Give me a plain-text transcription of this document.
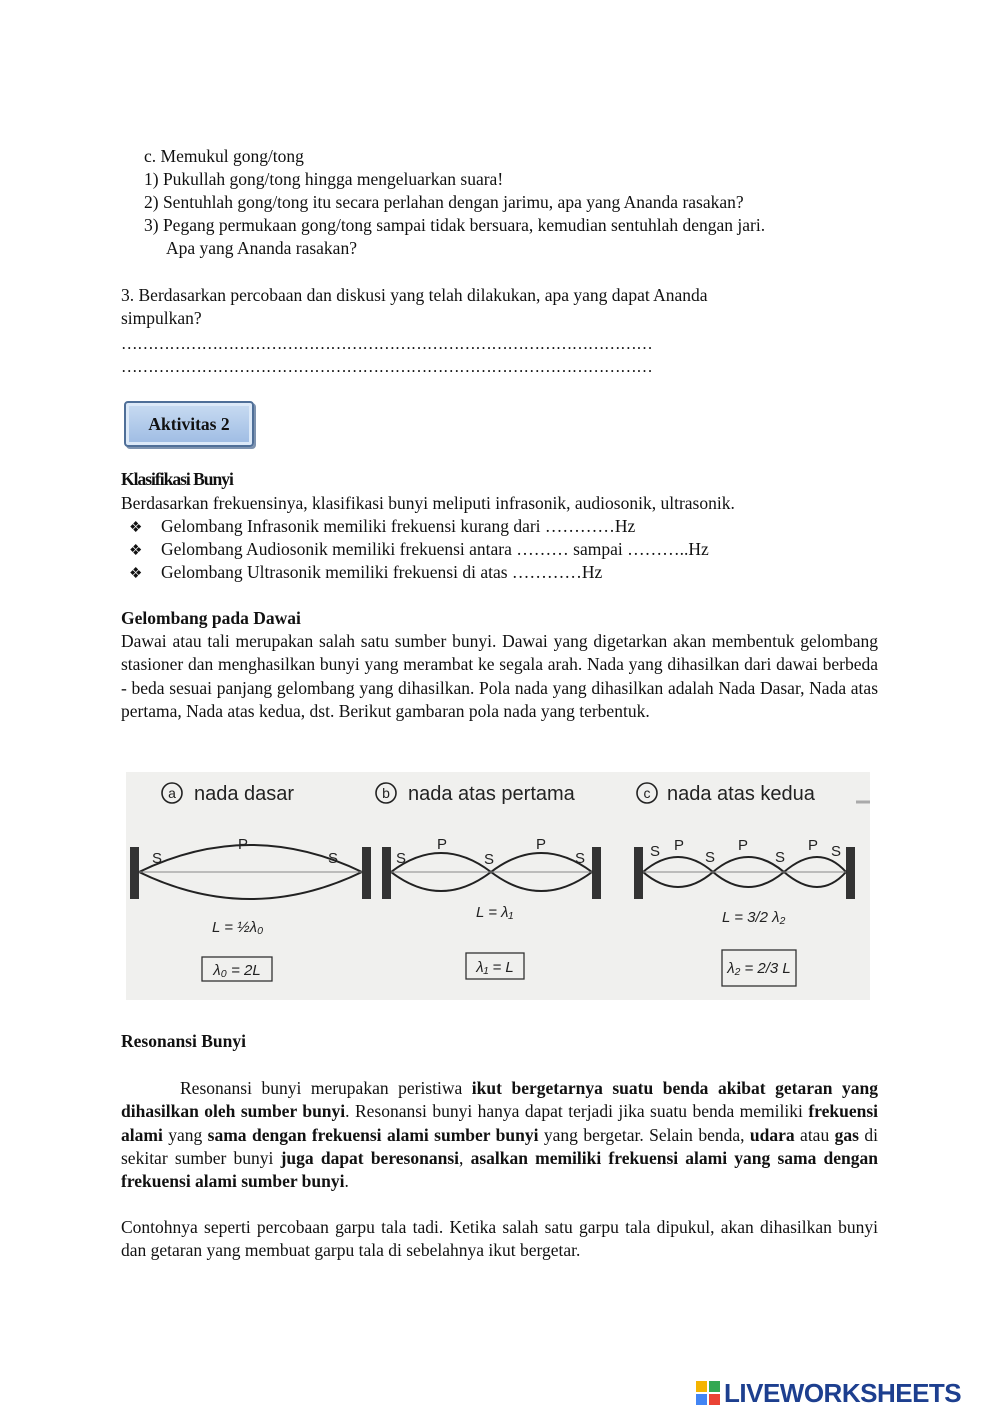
c. Memukul gong/tong
1) Pukullah gong/tong hingga mengeluarkan suara!
2) Sentuhlah gong/tong itu secara perlahan dengan jarimu, apa yang Ananda rasakan?
3) Pegang permukaan gong/tong sampai tidak bersuara, kemudian sentuhlah dengan jari.
Apa yang Ananda rasakan?
3. Berdasarkan percobaan dan diskusi yang telah dilakukan, apa yang dapat Ananda
simpulkan?
………………………………………………………………………………………
………………………………………………………………………………………
Aktivitas 2
Klasifikasi Bunyi
Berdasarkan frekuensinya, klasifikasi bunyi meliputi infrasonik, audiosonik, ultrasonik.
❖ Gelombang Infrasonik memiliki frekuensi kurang dari …………Hz
❖ Gelombang Audiosonik memiliki frekuensi antara ……… sampai ………..Hz
❖ Gelombang Ultrasonik memiliki frekuensi di atas …………Hz
Gelombang pada Dawai
Dawai atau tali merupakan salah satu sumber bunyi. Dawai yang digetarkan akan membentuk gelombang stasioner dan menghasilkan bunyi yang merambat ke segala arah. Nada yang dihasilkan dari dawai berbeda - beda sesuai panjang gelombang yang dihasilkan. Pola nada yang dihasilkan adalah Nada Dasar, Nada atas pertama, Nada atas kedua, dst. Berikut gambaran pola nada yang terbentuk.
a nada dasar
S
P
S
L = ½λ₀
λ₀ = 2L
b nada atas pertama
S
P
S
P
S
L = λ₁
λ₁ = L
c nada atas kedua
S P
S
P
S
P S
L = 3/2 λ₂
λ₂ = 2/3 L
Resonansi Bunyi
Resonansi bunyi merupakan peristiwa ikut bergetarnya suatu benda akibat getaran yang dihasilkan oleh sumber bunyi. Resonansi bunyi hanya dapat terjadi jika suatu benda memiliki frekuensi alami yang sama dengan frekuensi alami sumber bunyi yang bergetar. Selain benda, udara atau gas di sekitar sumber bunyi juga dapat beresonansi, asalkan memiliki frekuensi alami yang sama dengan frekuensi alami sumber bunyi.
Contohnya seperti percobaan garpu tala tadi. Ketika salah satu garpu tala dipukul, akan dihasilkan bunyi dan getaran yang membuat garpu tala di sebelahnya ikut bergetar.
LIVEWORKSHEETS
